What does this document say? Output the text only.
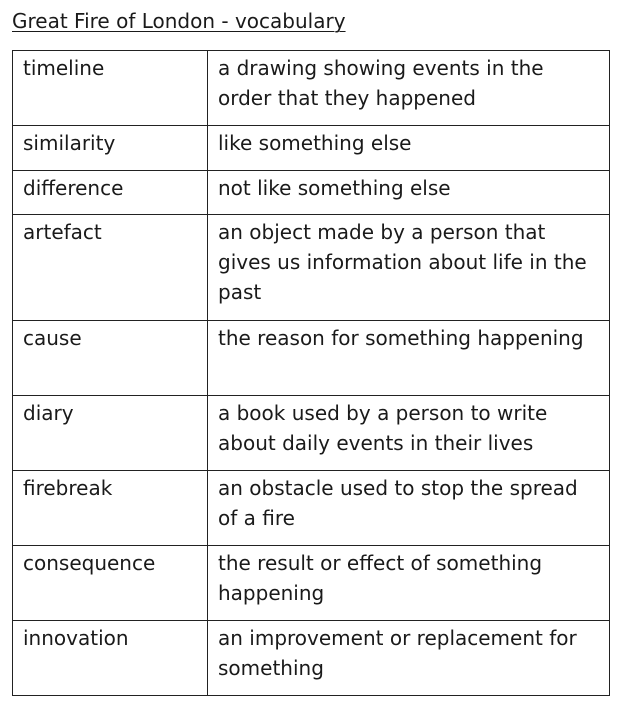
Great Fire of London - vocabulary
timeline	a drawing showing events in the order that they happened
similarity	like something else
difference	not like something else
artefact	an object made by a person that gives us information about life in the past
cause	the reason for something happening
diary	a book used by a person to write about daily events in their lives
firebreak	an obstacle used to stop the spread of a fire
consequence	the result or effect of something happening
innovation	an improvement or replacement for something
